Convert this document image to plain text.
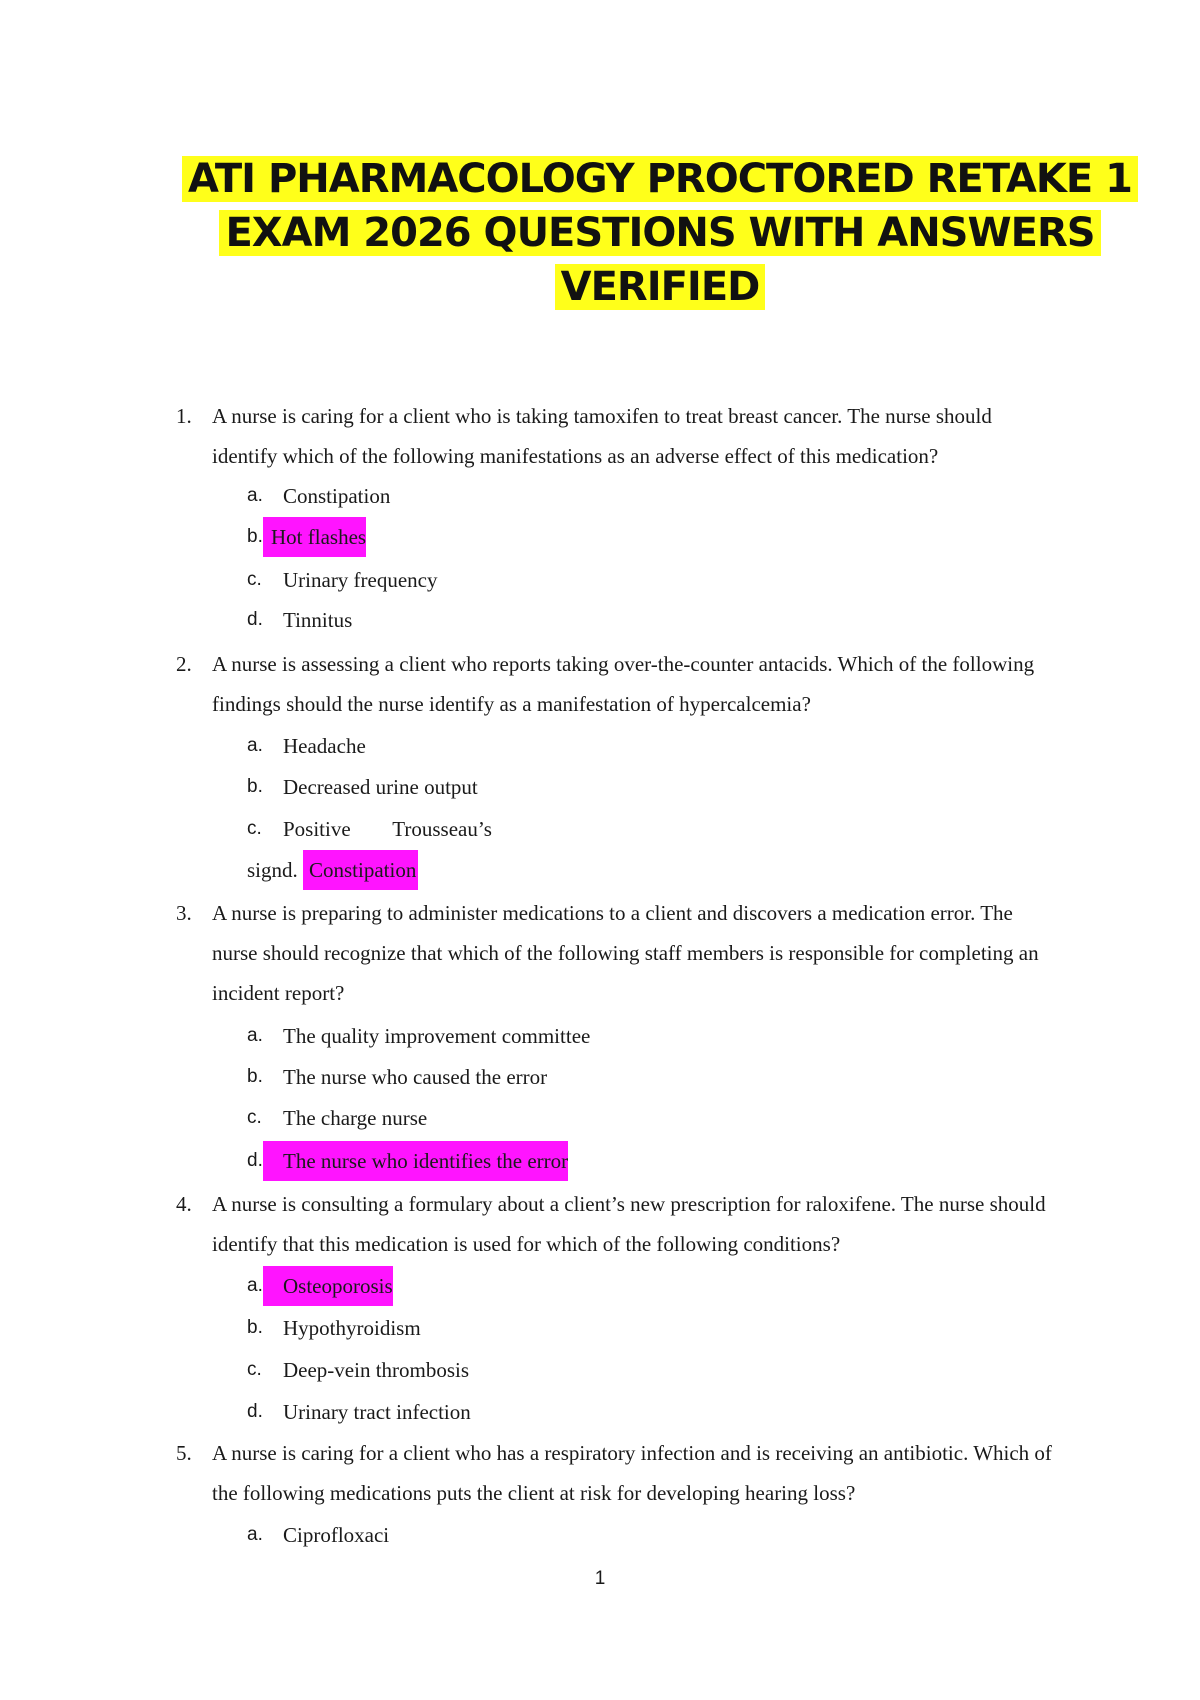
ATI PHARMACOLOGY PROCTORED RETAKE 1
EXAM 2026 QUESTIONS WITH ANSWERS
VERIFIED
1. A nurse is caring for a client who is taking tamoxifen to treat breast cancer. The nurse should identify which of the following manifestations as an adverse effect of this medication?
a. Constipation
b. Hot flashes
c. Urinary frequency
d. Tinnitus
2. A nurse is assessing a client who reports taking over-the-counter antacids. Which of the following findings should the nurse identify as a manifestation of hypercalcemia?
a. Headache
b. Decreased urine output
c. Positive        Trousseau’s
signd. Constipation
3. A nurse is preparing to administer medications to a client and discovers a medication error. The nurse should recognize that which of the following staff members is responsible for completing an incident report?
a. The quality improvement committee
b. The nurse who caused the error
c. The charge nurse
d. The nurse who identifies the error
4. A nurse is consulting a formulary about a client’s new prescription for raloxifene. The nurse should identify that this medication is used for which of the following conditions?
a. Osteoporosis
b. Hypothyroidism
c. Deep-vein thrombosis
d. Urinary tract infection
5. A nurse is caring for a client who has a respiratory infection and is receiving an antibiotic. Which of the following medications puts the client at risk for developing hearing loss?
a. Ciprofloxaci
1
